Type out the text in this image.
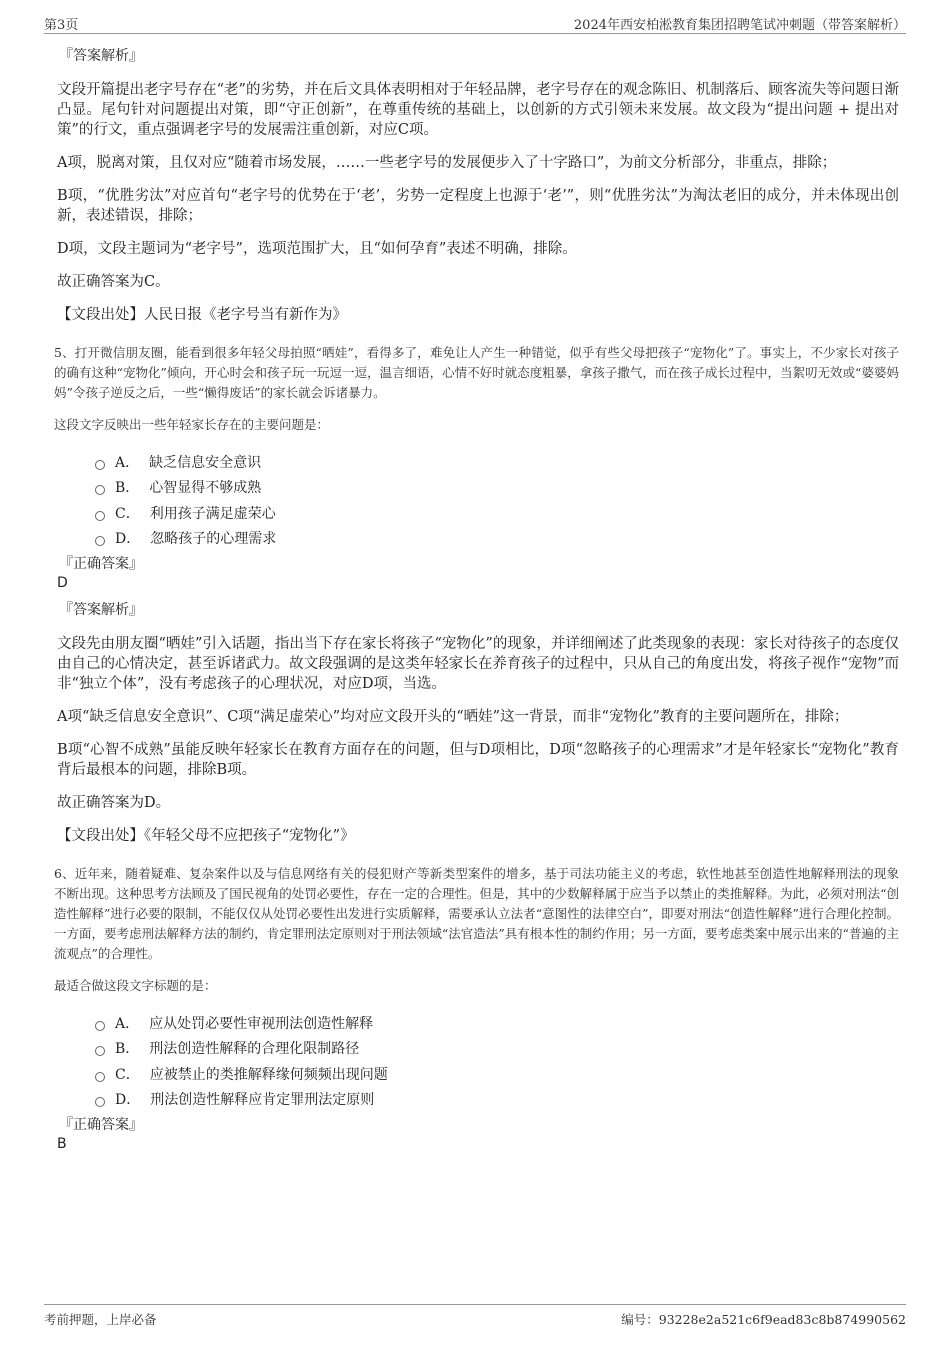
第3页	2024年西安柏淞教育集团招聘笔试冲刺题（带答案解析）
『答案解析』
文段开篇提出老字号存在“老”的劣势，并在后文具体表明相对于年轻品牌，老字号存在的观念陈旧、机制落后、顾客流失等问题日渐凸显。尾句针对问题提出对策，即“守正创新”，在尊重传统的基础上，以创新的方式引领未来发展。故文段为“提出问题 + 提出对策”的行文，重点强调老字号的发展需注重创新，对应C项。
A项，脱离对策，且仅对应“随着市场发展，……一些老字号的发展便步入了十字路口”，为前文分析部分，非重点，排除；
B项，“优胜劣汰”对应首句“老字号的优势在于‘老’，劣势一定程度上也源于‘老’”，则“优胜劣汰”为淘汰老旧的成分，并未体现出创新，表述错误，排除；
D项，文段主题词为“老字号”，选项范围扩大，且“如何孕育”表述不明确，排除。
故正确答案为C。
【文段出处】人民日报《老字号当有新作为》
5、打开微信朋友圈，能看到很多年轻父母拍照“晒娃”，看得多了，难免让人产生一种错觉，似乎有些父母把孩子“宠物化”了。事实上，不少家长对孩子的确有这种“宠物化”倾向，开心时会和孩子玩一玩逗一逗，温言细语，心情不好时就态度粗暴，拿孩子撒气，而在孩子成长过程中，当絮叨无效或“婆婆妈妈”令孩子逆反之后，一些“懒得废话”的家长就会诉诸暴力。
这段文字反映出一些年轻家长存在的主要问题是：
A． 缺乏信息安全意识
B． 心智显得不够成熟
C． 利用孩子满足虚荣心
D． 忽略孩子的心理需求
『正确答案』
D
『答案解析』
文段先由朋友圈“晒娃”引入话题，指出当下存在家长将孩子“宠物化”的现象，并详细阐述了此类现象的表现：家长对待孩子的态度仅由自己的心情决定，甚至诉诸武力。故文段强调的是这类年轻家长在养育孩子的过程中，只从自己的角度出发，将孩子视作“宠物”而非“独立个体”，没有考虑孩子的心理状况，对应D项，当选。
A项“缺乏信息安全意识”、C项“满足虚荣心”均对应文段开头的“晒娃”这一背景，而非“宠物化”教育的主要问题所在，排除；
B项“心智不成熟”虽能反映年轻家长在教育方面存在的问题，但与D项相比，D项“忽略孩子的心理需求”才是年轻家长“宠物化”教育背后最根本的问题，排除B项。
故正确答案为D。
【文段出处】《年轻父母不应把孩子“宠物化”》
6、近年来，随着疑难、复杂案件以及与信息网络有关的侵犯财产等新类型案件的增多，基于司法功能主义的考虑，软性地甚至创造性地解释刑法的现象不断出现。这种思考方法顾及了国民视角的处罚必要性，存在一定的合理性。但是，其中的少数解释属于应当予以禁止的类推解释。为此，必须对刑法“创造性解释”进行必要的限制，不能仅仅从处罚必要性出发进行实质解释，需要承认立法者“意图性的法律空白”，即要对刑法“创造性解释”进行合理化控制。一方面，要考虑刑法解释方法的制约，肯定罪刑法定原则对于刑法领域“法官造法”具有根本性的制约作用；另一方面，要考虑类案中展示出来的“普遍的主流观点”的合理性。
最适合做这段文字标题的是：
A． 应从处罚必要性审视刑法创造性解释
B． 刑法创造性解释的合理化限制路径
C． 应被禁止的类推解释缘何频频出现问题
D． 刑法创造性解释应肯定罪刑法定原则
『正确答案』
B
考前押题，上岸必备	编号：93228e2a521c6f9ead83c8b874990562
